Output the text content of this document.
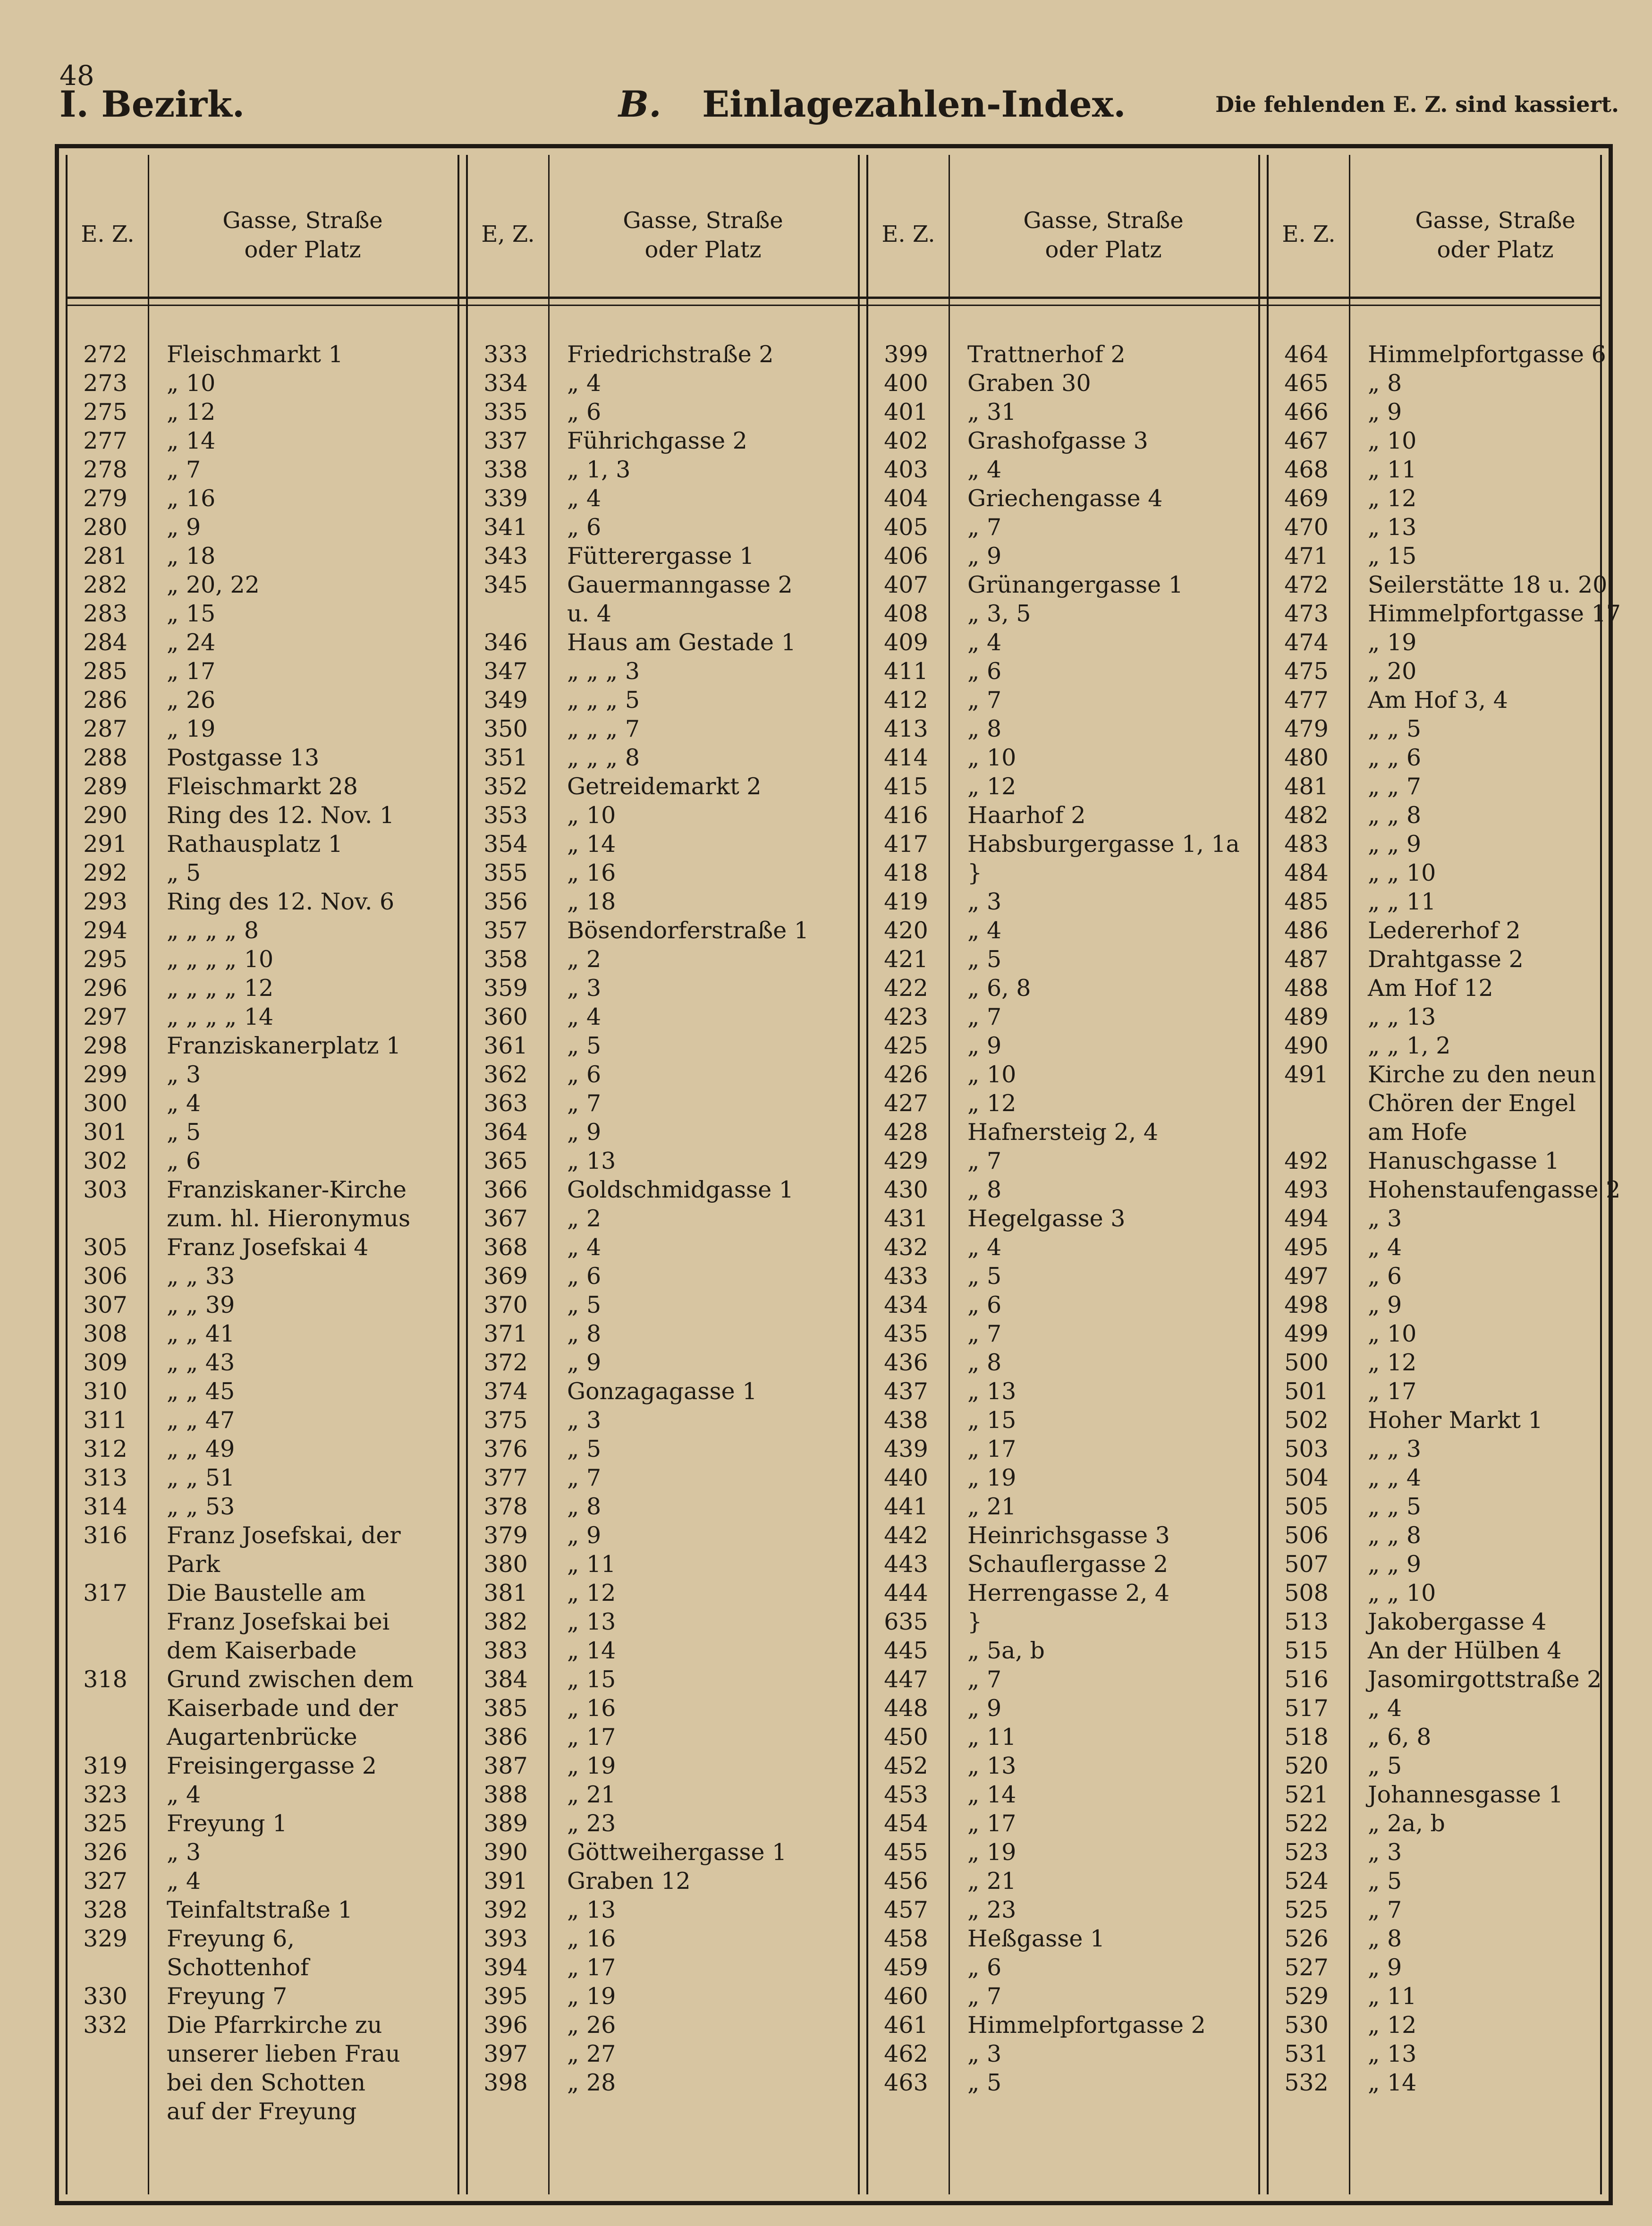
48
I. Bezirk.	B. Einlagezahlen-Index.	Die fehlenden E. Z. sind kassiert.
E. Z.
Gasse, Straße
oder Platz
272	Fleischmarkt 1
273	„ 10
275	„ 12
277	„ 14
278	„ 7
279	„ 16
280	„ 9
281	„ 18
282	„ 20, 22
283	„ 15
284	„ 24
285	„ 17
286	„ 26
287	„ 19
288	Postgasse 13
289	Fleischmarkt 28
290	Ring des 12. Nov. 1
291	Rathausplatz 1
292	„ 5
293	Ring des 12. Nov. 6
294	„ „ „ „ 8
295	„ „ „ „ 10
296	„ „ „ „ 12
297	„ „ „ „ 14
298	Franziskanerplatz 1
299	„ 3
300	„ 4
301	„ 5
302	„ 6
303	Franziskaner-Kirche
zum. hl. Hieronymus
305	Franz Josefskai 4
306	„ „ 33
307	„ „ 39
308	„ „ 41
309	„ „ 43
310	„ „ 45
311	„ „ 47
312	„ „ 49
313	„ „ 51
314	„ „ 53
316	Franz Josefskai, der
Park
317	Die Baustelle am
Franz Josefskai bei
dem Kaiserbade
318	Grund zwischen dem
Kaiserbade und der
Augartenbrücke
319	Freisingergasse 2
323	„ 4
325	Freyung 1
326	„ 3
327	„ 4
328	Teinfaltstraße 1
329	Freyung 6,
Schottenhof
330	Freyung 7
332	Die Pfarrkirche zu
unserer lieben Frau
bei den Schotten
auf der Freyung
E, Z.
Gasse, Straße
oder Platz
333	Friedrichstraße 2
334	„ 4
335	„ 6
337	Führichgasse 2
338	„ 1, 3
339	„ 4
341	„ 6
343	Fütterergasse 1
345	Gauermanngasse 2
u. 4
346	Haus am Gestade 1
347	„ „ „ 3
349	„ „ „ 5
350	„ „ „ 7
351	„ „ „ 8
352	Getreidemarkt 2
353	„ 10
354	„ 14
355	„ 16
356	„ 18
357	Bösendorferstraße 1
358	„ 2
359	„ 3
360	„ 4
361	„ 5
362	„ 6
363	„ 7
364	„ 9
365	„ 13
366	Goldschmidgasse 1
367	„ 2
368	„ 4
369	„ 6
370	„ 5
371	„ 8
372	„ 9
374	Gonzagagasse 1
375	„ 3
376	„ 5
377	„ 7
378	„ 8
379	„ 9
380	„ 11
381	„ 12
382	„ 13
383	„ 14
384	„ 15
385	„ 16
386	„ 17
387	„ 19
388	„ 21
389	„ 23
390	Göttweihergasse 1
391	Graben 12
392	„ 13
393	„ 16
394	„ 17
395	„ 19
396	„ 26
397	„ 27
398	„ 28
E. Z.
Gasse, Straße
oder Platz
399	Trattnerhof 2
400	Graben 30
401	„ 31
402	Grashofgasse 3
403	„ 4
404	Griechengasse 4
405	„ 7
406	„ 9
407	Grünangergasse 1
408	„ 3, 5
409	„ 4
411	„ 6
412	„ 7
413	„ 8
414	„ 10
415	„ 12
416	Haarhof 2
417	Habsburgergasse 1, 1a
418	}
419	„ 3
420	„ 4
421	„ 5
422	„ 6, 8
423	„ 7
425	„ 9
426	„ 10
427	„ 12
428	Hafnersteig 2, 4
429	„ 7
430	„ 8
431	Hegelgasse 3
432	„ 4
433	„ 5
434	„ 6
435	„ 7
436	„ 8
437	„ 13
438	„ 15
439	„ 17
440	„ 19
441	„ 21
442	Heinrichsgasse 3
443	Schauflergasse 2
444	Herrengasse 2, 4
635	}
445	„ 5a, b
447	„ 7
448	„ 9
450	„ 11
452	„ 13
453	„ 14
454	„ 17
455	„ 19
456	„ 21
457	„ 23
458	Heßgasse 1
459	„ 6
460	„ 7
461	Himmelpfortgasse 2
462	„ 3
463	„ 5
E. Z.
Gasse, Straße
oder Platz
464	Himmelpfortgasse 6
465	„ 8
466	„ 9
467	„ 10
468	„ 11
469	„ 12
470	„ 13
471	„ 15
472	Seilerstätte 18 u. 20
473	Himmelpfortgasse 17
474	„ 19
475	„ 20
477	Am Hof 3, 4
479	„ „ 5
480	„ „ 6
481	„ „ 7
482	„ „ 8
483	„ „ 9
484	„ „ 10
485	„ „ 11
486	Ledererhof 2
487	Drahtgasse 2
488	Am Hof 12
489	„ „ 13
490	„ „ 1, 2
491	Kirche zu den neun
Chören der Engel
am Hofe
492	Hanuschgasse 1
493	Hohenstaufengasse 2
494	„ 3
495	„ 4
497	„ 6
498	„ 9
499	„ 10
500	„ 12
501	„ 17
502	Hoher Markt 1
503	„ „ 3
504	„ „ 4
505	„ „ 5
506	„ „ 8
507	„ „ 9
508	„ „ 10
513	Jakobergasse 4
515	An der Hülben 4
516	Jasomirgottstraße 2
517	„ 4
518	„ 6, 8
520	„ 5
521	Johannesgasse 1
522	„ 2a, b
523	„ 3
524	„ 5
525	„ 7
526	„ 8
527	„ 9
529	„ 11
530	„ 12
531	„ 13
532	„ 14
